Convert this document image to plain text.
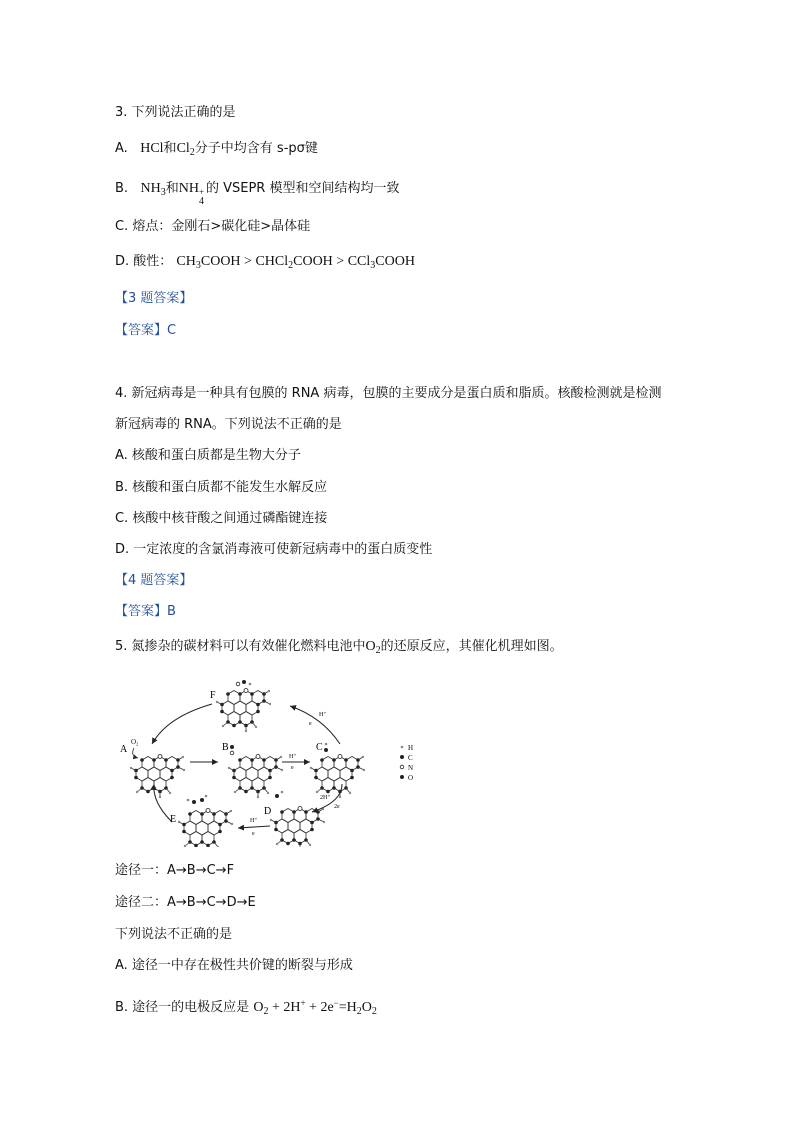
3. 下列说法正确的是
A. HCl和$Cl_2$分子中均含有 s-pσ键
B. $NH_3$和NH +
4
的 VSEPR 模型和空间结构均一致
C. 熔点：金刚石>碳化硅>晶体硅
D. 酸性： $CH_3COOH$ > CHCl$_2$COOH > CCl$_3$COOH
【3 题答案】
【答案】C
4. 新冠病毒是一种具有包膜的 RNA 病毒，包膜的主要成分是蛋白质和脂质。核酸检测就是检测
新冠病毒的 RNA。下列说法不正确的是
A. 核酸和蛋白质都是生物大分子
B. 核酸和蛋白质都不能发生水解反应
C. 核酸中核苷酸之间通过磷酯键连接
D. 一定浓度的含氯消毒液可使新冠病毒中的蛋白质变性
【4 题答案】
【答案】B
5. 氮掺杂的碳材料可以有效催化燃料电池中$O_2$的还原反应，其催化机理如图。
F
A
O₂	B	C
D
E
H⁺
e
H⁺
e
2H⁺
2e
H⁺
e
H
C
N
O
途径一：A→B→C→F
途径二：A→B→C→D→E
下列说法不正确的是
A. 途径一中存在极性共价键的断裂与形成
B. 途径一的电极反应是 $O_2 + 2H^+ + 2e^-=H_2O_2$
